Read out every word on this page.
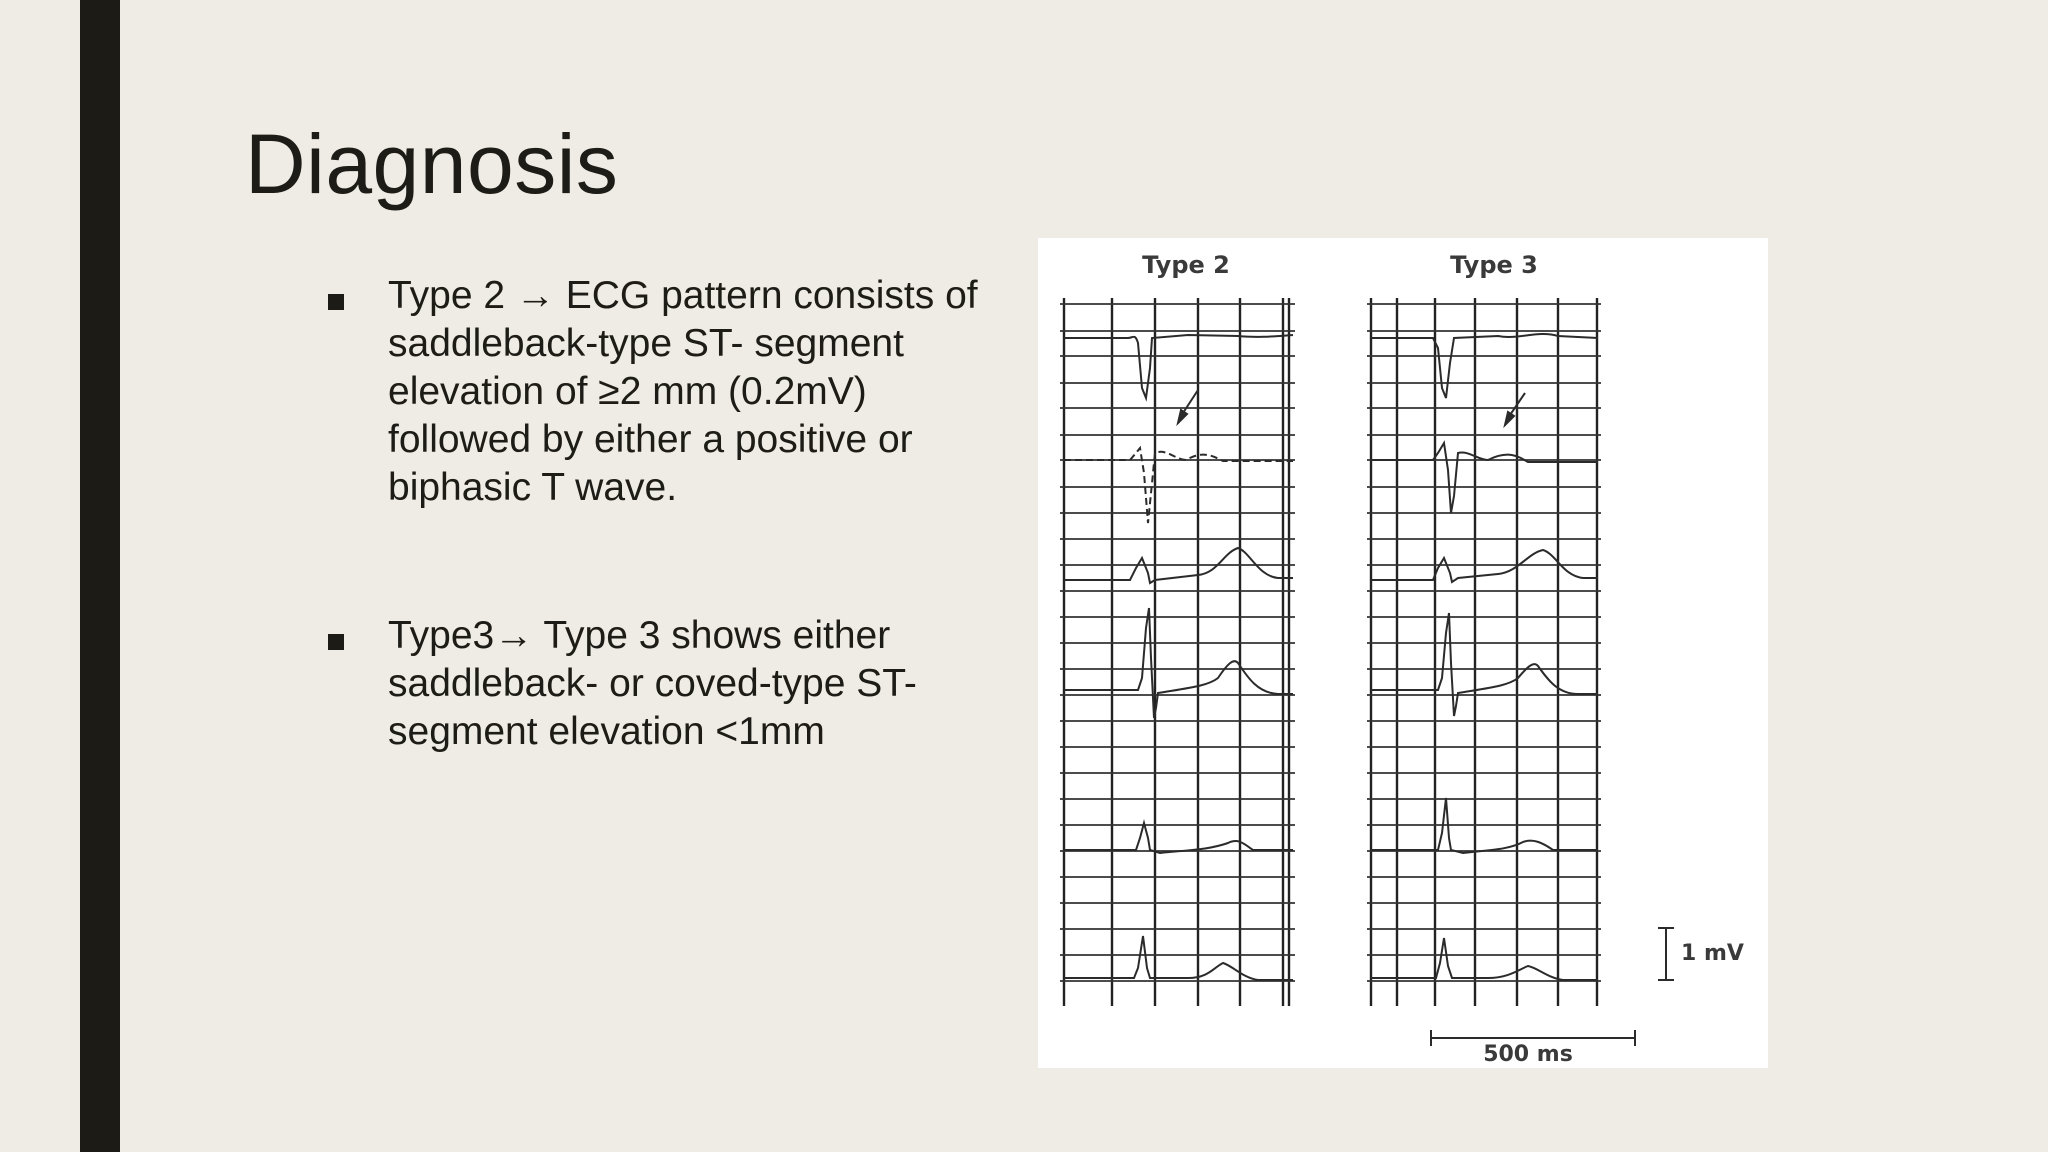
Diagnosis
Type 2 → ECG pattern consists of
saddleback-type ST- segment
elevation of ≥2 mm (0.2mV)
followed by either a positive or
biphasic T wave.
Type3→ Type 3 shows either
saddleback- or coved-type ST-
segment elevation <1mm
Type 2	Type 3
1 mV
500 ms
